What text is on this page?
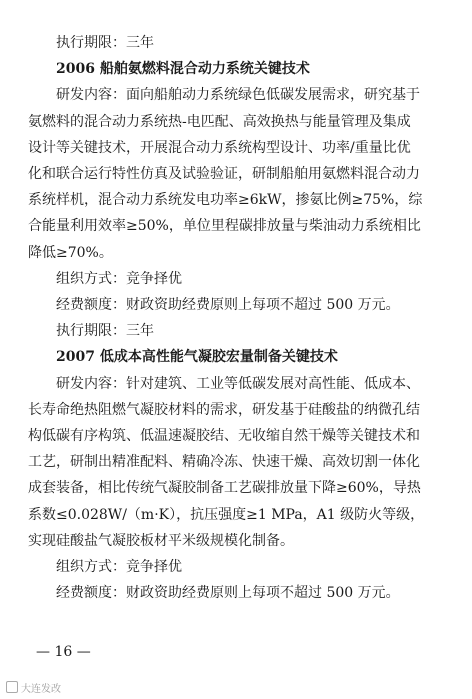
执行期限：三年
2006 船舶氨燃料混合动力系统关键技术
研发内容：面向船舶动力系统绿色低碳发展需求，研究基于
氨燃料的混合动力系统热-电匹配、高效换热与能量管理及集成
设计等关键技术，开展混合动力系统构型设计、功率/重量比优
化和联合运行特性仿真及试验验证，研制船舶用氨燃料混合动力
系统样机，混合动力系统发电功率≥6kW，掺氨比例≥75%，综
合能量利用效率≥50%，单位里程碳排放量与柴油动力系统相比
降低≥70%。
组织方式：竞争择优
经费额度：财政资助经费原则上每项不超过 500 万元。
执行期限：三年
2007 低成本高性能气凝胶宏量制备关键技术
研发内容：针对建筑、工业等低碳发展对高性能、低成本、
长寿命绝热阻燃气凝胶材料的需求，研发基于硅酸盐的纳微孔结
构低碳有序构筑、低温速凝胶结、无收缩自然干燥等关键技术和
工艺，研制出精准配料、精确冷冻、快速干燥、高效切割一体化
成套装备，相比传统气凝胶制备工艺碳排放量下降≥60%，导热
系数≤0.028W/（m·K），抗压强度≥1 MPa，A1 级防火等级，
实现硅酸盐气凝胶板材平米级规模化制备。
组织方式：竞争择优
经费额度：财政资助经费原则上每项不超过 500 万元。
— 16 —
大连发改
